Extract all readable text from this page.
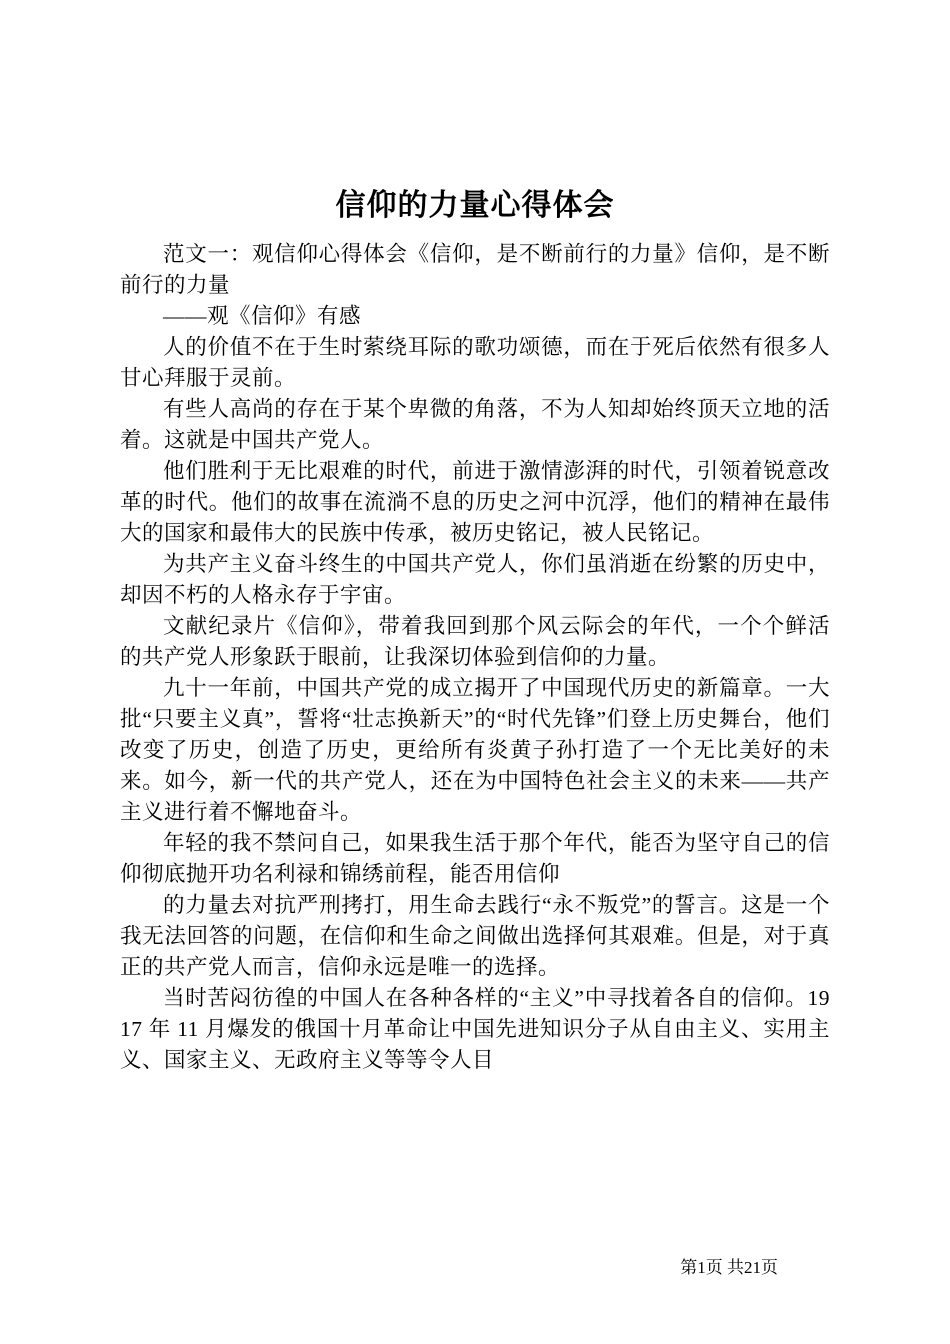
信仰的力量心得体会

范文一：观信仰心得体会《信仰，是不断前行的力量》信仰，是不断前行的力量

——观《信仰》有感

人的价值不在于生时萦绕耳际的歌功颂德，而在于死后依然有很多人甘心拜服于灵前。

有些人高尚的存在于某个卑微的角落，不为人知却始终顶天立地的活着。这就是中国共产党人。

他们胜利于无比艰难的时代，前进于激情澎湃的时代，引领着锐意改革的时代。他们的故事在流淌不息的历史之河中沉浮，他们的精神在最伟大的国家和最伟大的民族中传承，被历史铭记，被人民铭记。

为共产主义奋斗终生的中国共产党人，你们虽消逝在纷繁的历史中，却因不朽的人格永存于宇宙。

文献纪录片《信仰》，带着我回到那个风云际会的年代，一个个鲜活的共产党人形象跃于眼前，让我深切体验到信仰的力量。

九十一年前，中国共产党的成立揭开了中国现代历史的新篇章。一大批“只要主义真”，誓将“壮志换新天”的“时代先锋”们登上历史舞台，他们改变了历史，创造了历史，更给所有炎黄子孙打造了一个无比美好的未来。如今，新一代的共产党人，还在为中国特色社会主义的未来——共产主义进行着不懈地奋斗。

年轻的我不禁问自己，如果我生活于那个年代，能否为坚守自己的信仰彻底抛开功名利禄和锦绣前程，能否用信仰

的力量去对抗严刑拷打，用生命去践行“永不叛党”的誓言。这是一个我无法回答的问题，在信仰和生命之间做出选择何其艰难。但是，对于真正的共产党人而言，信仰永远是唯一的选择。

当时苦闷彷徨的中国人在各种各样的“主义”中寻找着各自的信仰。1917 年 11 月爆发的俄国十月革命让中国先进知识分子从自由主义、实用主义、国家主义、无政府主义等等令人目

第1页 共21页
